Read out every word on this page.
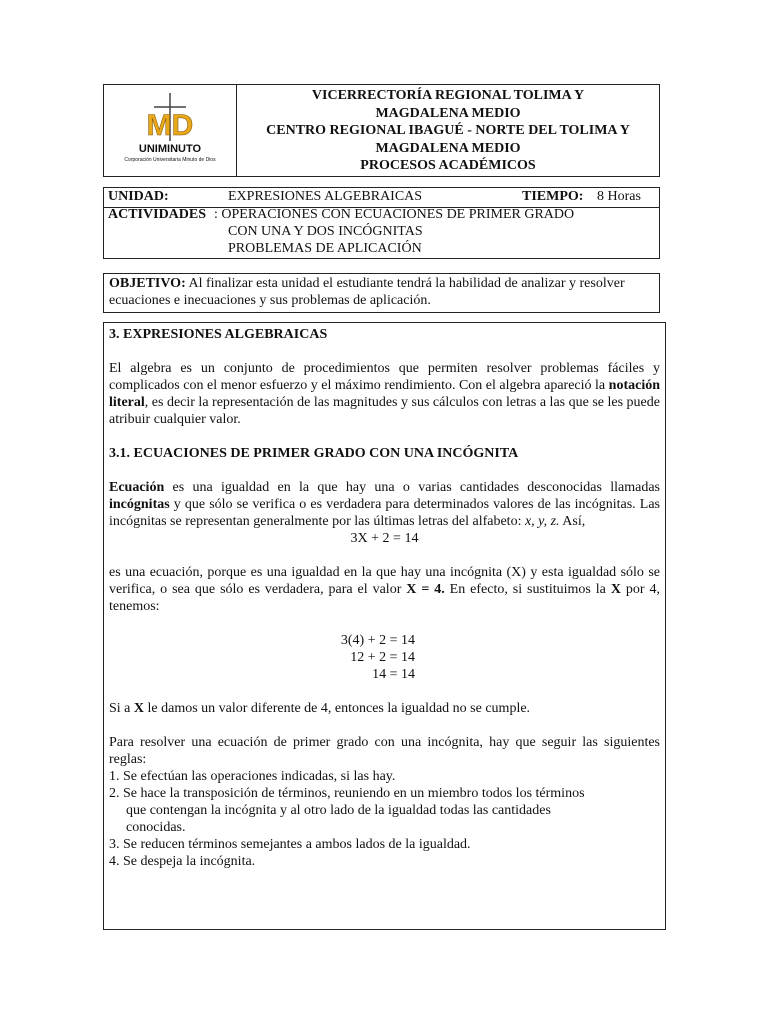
MD
UNIMINUTO
Corporación Universitaria Minuto de Dios
VICERRECTORÍA REGIONAL TOLIMA Y
MAGDALENA MEDIO
CENTRO REGIONAL IBAGUÉ - NORTE DEL TOLIMA Y
MAGDALENA MEDIO
PROCESOS ACADÉMICOS
UNIDAD:	EXPRESIONES ALGEBRAICAS	TIEMPO: 8 Horas
ACTIVIDADES : OPERACIONES CON ECUACIONES DE PRIMER GRADO
CON UNA Y DOS INCÓGNITAS
PROBLEMAS DE APLICACIÓN
OBJETIVO: Al finalizar esta unidad el estudiante tendrá la habilidad de analizar y resolver ecuaciones e inecuaciones y sus problemas de aplicación.

3. EXPRESIONES ALGEBRAICAS

El algebra es un conjunto de procedimientos que permiten resolver problemas fáciles y complicados con el menor esfuerzo y el máximo rendimiento. Con el algebra apareció la notación literal, es decir la representación de las magnitudes y sus cálculos con letras a las que se les puede atribuir cualquier valor.

3.1. ECUACIONES DE PRIMER GRADO CON UNA INCÓGNITA

Ecuación es una igualdad en la que hay una o varias cantidades desconocidas llamadas incógnitas y que sólo se verifica o es verdadera para determinados valores de las incógnitas. Las incógnitas se representan generalmente por las últimas letras del alfabeto: x, y, z. Así,

3X + 2 = 14

es una ecuación, porque es una igualdad en la que hay una incógnita (X) y esta igualdad sólo se verifica, o sea que sólo es verdadera, para el valor X = 4. En efecto, si sustituimos la X por 4, tenemos:

3(4) + 2 = 14

12 + 2 = 14

14 = 14

Si a X le damos un valor diferente de 4, entonces la igualdad no se cumple.

Para resolver una ecuación de primer grado con una incógnita, hay que seguir las siguientes reglas:

1. Se efectúan las operaciones indicadas, si las hay.

2. Se hace la transposición de términos, reuniendo en un miembro todos los términos

que contengan la incógnita y al otro lado de la igualdad todas las cantidades

conocidas.

3. Se reducen términos semejantes a ambos lados de la igualdad.

4. Se despeja la incógnita.
